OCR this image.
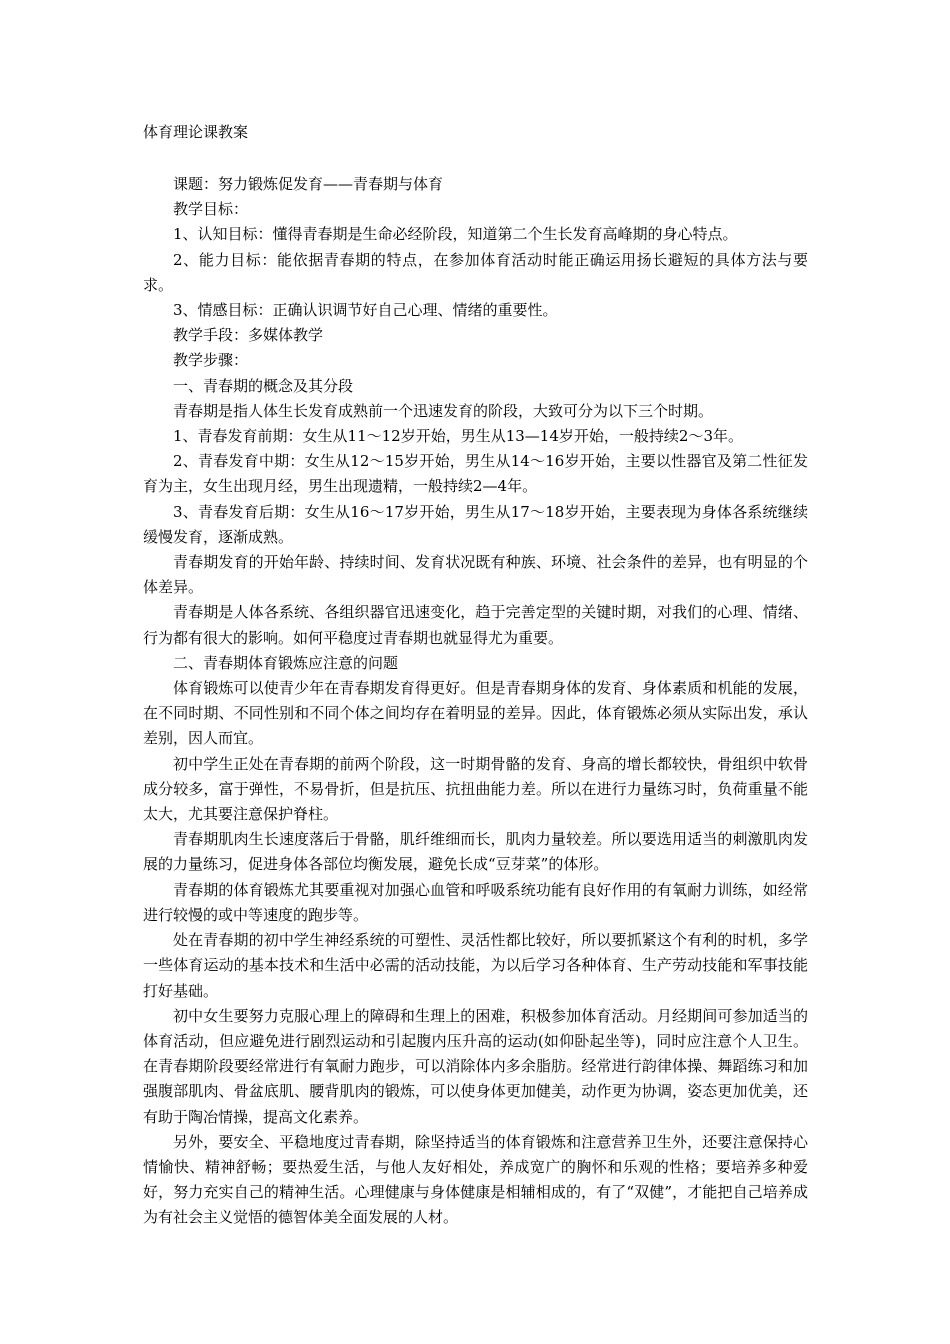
体育理论课教案

课题：努力锻炼促发育——青春期与体育

教学目标：

1、认知目标：懂得青春期是生命必经阶段，知道第二个生长发育高峰期的身心特点。

2、能力目标：能依据青春期的特点，在参加体育活动时能正确运用扬长避短的具体方法与要求。

3、情感目标：正确认识调节好自己心理、情绪的重要性。

教学手段：多媒体教学

教学步骤：

一、青春期的概念及其分段

青春期是指人体生长发育成熟前一个迅速发育的阶段，大致可分为以下三个时期。

1、青春发育前期：女生从11～12岁开始，男生从13—14岁开始，一般持续2～3年。

2、青春发育中期：女生从12～15岁开始，男生从14～16岁开始，主要以性器官及第二性征发育为主，女生出现月经，男生出现遗精，一般持续2—4年。

3、青春发育后期：女生从16～17岁开始，男生从17～18岁开始，主要表现为身体各系统继续缓慢发育，逐渐成熟。

青春期发育的开始年龄、持续时间、发育状况既有种族、环境、社会条件的差异，也有明显的个体差异。

青春期是人体各系统、各组织器官迅速变化，趋于完善定型的关键时期，对我们的心理、情绪、行为都有很大的影响。如何平稳度过青春期也就显得尤为重要。

二、青春期体育锻炼应注意的问题

体育锻炼可以使青少年在青春期发育得更好。但是青春期身体的发育、身体素质和机能的发展，在不同时期、不同性别和不同个体之间均存在着明显的差异。因此，体育锻炼必须从实际出发，承认差别，因人而宜。

初中学生正处在青春期的前两个阶段，这一时期骨骼的发育、身高的增长都较快，骨组织中软骨成分较多，富于弹性，不易骨折，但是抗压、抗扭曲能力差。所以在进行力量练习时，负荷重量不能太大，尤其要注意保护脊柱。

青春期肌肉生长速度落后于骨骼，肌纤维细而长，肌肉力量较差。所以要选用适当的刺激肌肉发展的力量练习，促进身体各部位均衡发展，避免长成“豆芽菜”的体形。

青春期的体育锻炼尤其要重视对加强心血管和呼吸系统功能有良好作用的有氧耐力训练，如经常进行较慢的或中等速度的跑步等。

处在青春期的初中学生神经系统的可塑性、灵活性都比较好，所以要抓紧这个有利的时机，多学一些体育运动的基本技术和生活中必需的活动技能，为以后学习各种体育、生产劳动技能和军事技能打好基础。

初中女生要努力克服心理上的障碍和生理上的困难，积极参加体育活动。月经期间可参加适当的体育活动，但应避免进行剧烈运动和引起腹内压升高的运动(如仰卧起坐等)，同时应注意个人卫生。在青春期阶段要经常进行有氧耐力跑步，可以消除体内多余脂肪。经常进行韵律体操、舞蹈练习和加强腹部肌肉、骨盆底肌、腰背肌肉的锻炼，可以使身体更加健美，动作更为协调，姿态更加优美，还有助于陶冶情操，提高文化素养。

另外，要安全、平稳地度过青春期，除坚持适当的体育锻炼和注意营养卫生外，还要注意保持心情愉快、精神舒畅；要热爱生活，与他人友好相处，养成宽广的胸怀和乐观的性格；要培养多种爱好，努力充实自己的精神生活。心理健康与身体健康是相辅相成的，有了“双健”，才能把自己培养成为有社会主义觉悟的德智体美全面发展的人材。
